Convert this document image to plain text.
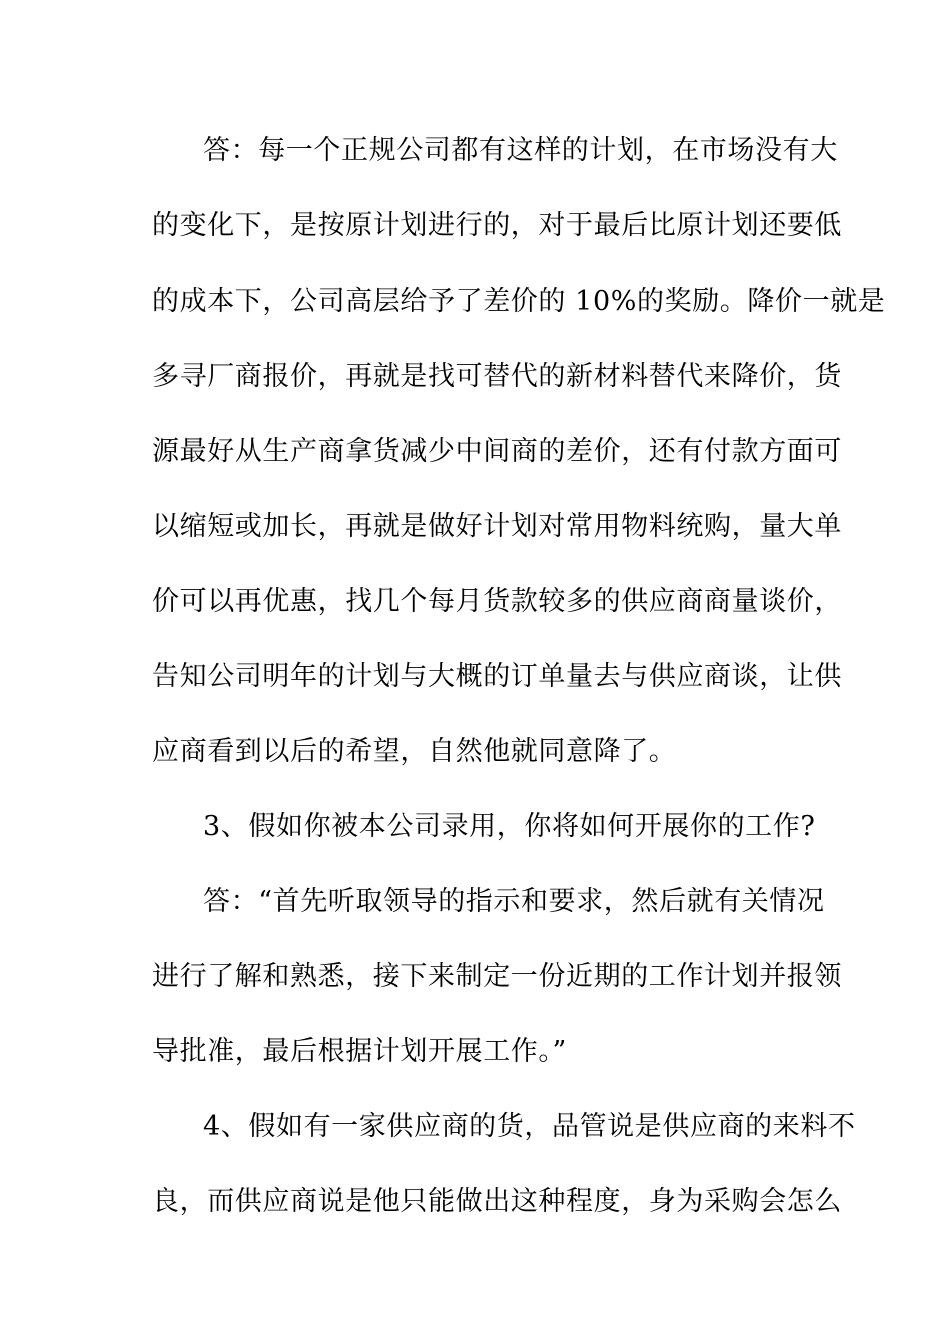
答：每一个正规公司都有这样的计划，在市场没有大
的变化下，是按原计划进行的，对于最后比原计划还要低
的成本下，公司高层给予了差价的 10%的奖励。降价一就是
多寻厂商报价，再就是找可替代的新材料替代来降价，货
源最好从生产商拿货减少中间商的差价，还有付款方面可
以缩短或加长，再就是做好计划对常用物料统购，量大单
价可以再优惠，找几个每月货款较多的供应商商量谈价，
告知公司明年的计划与大概的订单量去与供应商谈，让供
应商看到以后的希望，自然他就同意降了。
3、假如你被本公司录用，你将如何开展你的工作?
答：“首先听取领导的指示和要求，然后就有关情况
进行了解和熟悉，接下来制定一份近期的工作计划并报领
导批准，最后根据计划开展工作。”
4、假如有一家供应商的货，品管说是供应商的来料不
良，而供应商说是他只能做出这种程度，身为采购会怎么
